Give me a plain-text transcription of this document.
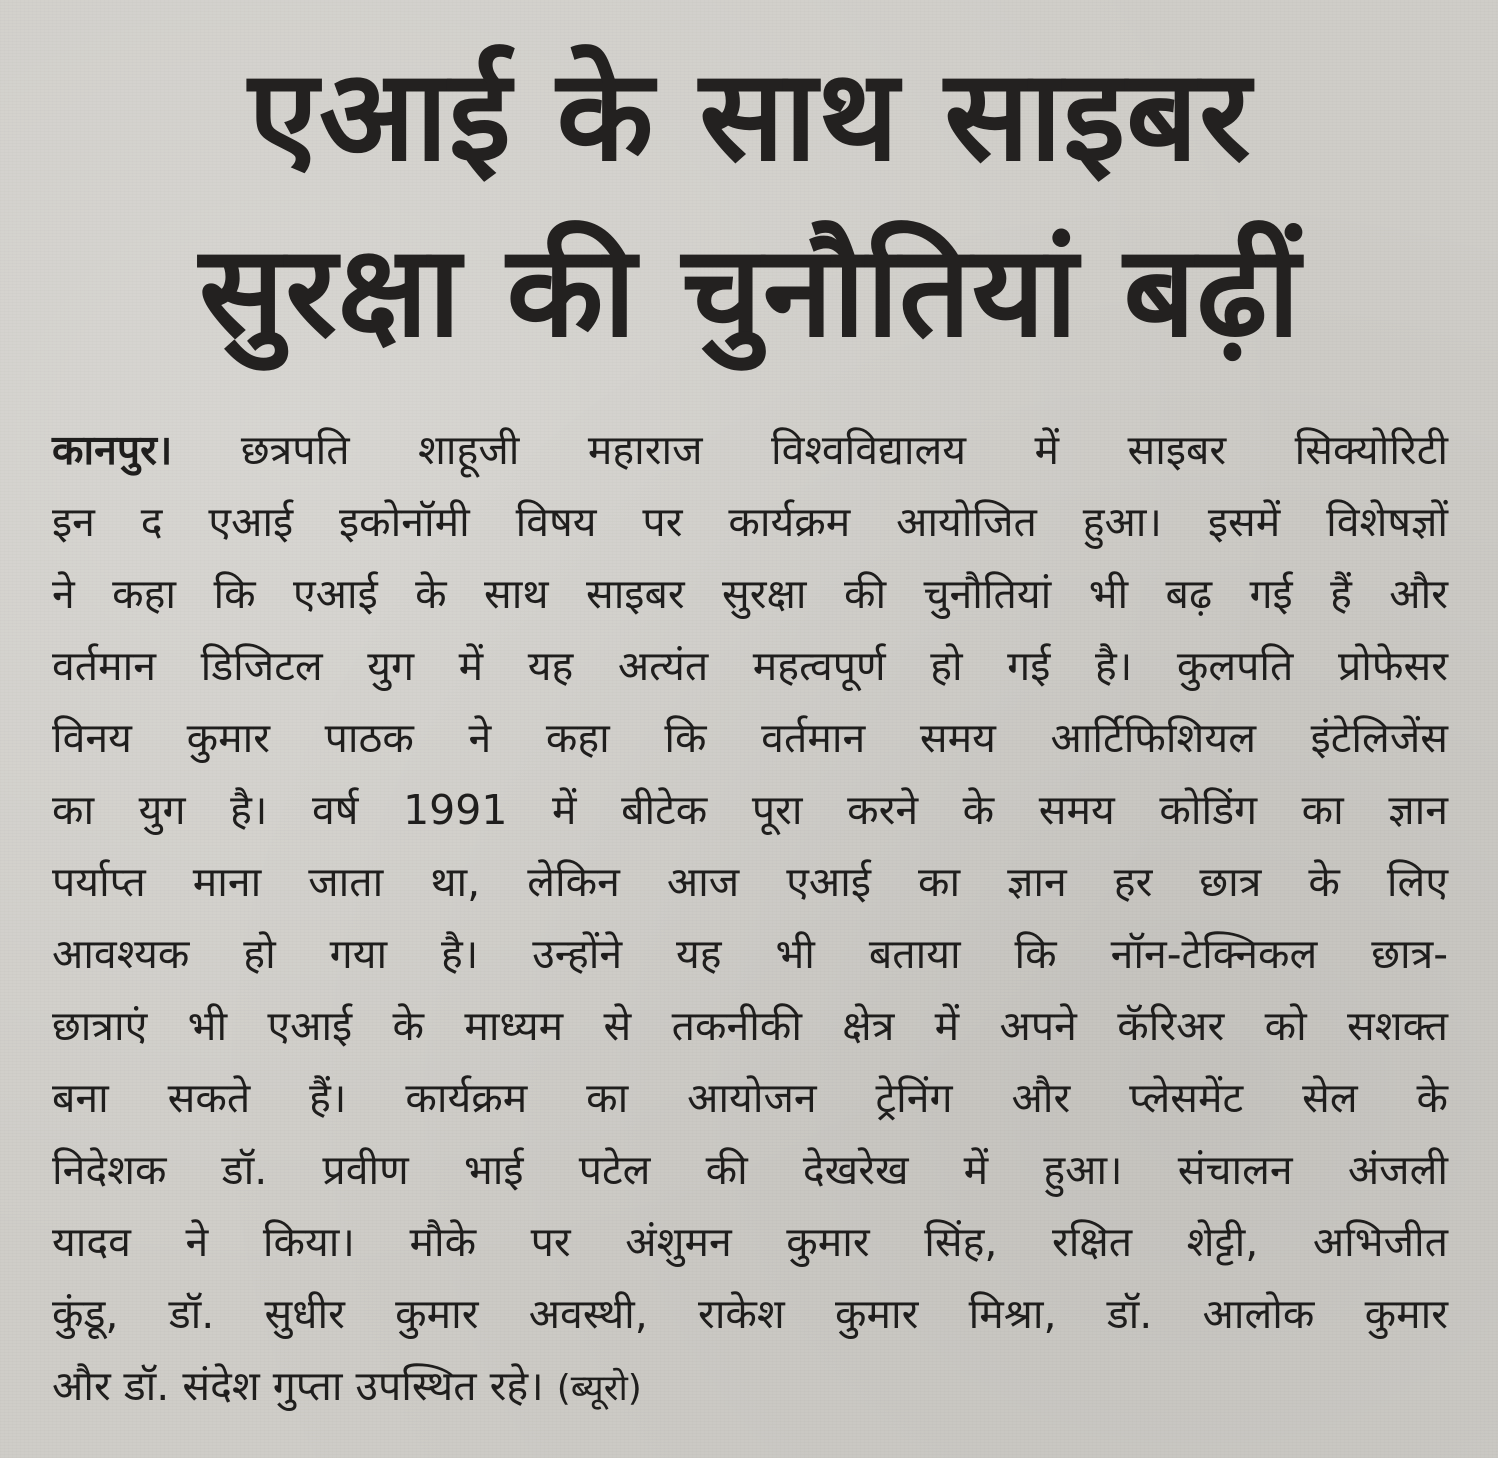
एआई के साथ साइबर
सुरक्षा की चुनौतियां बढ़ीं
कानपुर। छत्रपति शाहूजी महाराज विश्वविद्यालय में साइबर सिक्योरिटी
इन द एआई इकोनॉमी विषय पर कार्यक्रम आयोजित हुआ। इसमें विशेषज्ञों
ने कहा कि एआई के साथ साइबर सुरक्षा की चुनौतियां भी बढ़ गई हैं और
वर्तमान डिजिटल युग में यह अत्यंत महत्वपूर्ण हो गई है। कुलपति प्रोफेसर
विनय कुमार पाठक ने कहा कि वर्तमान समय आर्टिफिशियल इंटेलिजेंस
का युग है। वर्ष 1991 में बीटेक पूरा करने के समय कोडिंग का ज्ञान
पर्याप्त माना जाता था, लेकिन आज एआई का ज्ञान हर छात्र के लिए
आवश्यक हो गया है। उन्होंने यह भी बताया कि नॉन-टेक्निकल छात्र-
छात्राएं भी एआई के माध्यम से तकनीकी क्षेत्र में अपने कॅरिअर को सशक्त
बना सकते हैं। कार्यक्रम का आयोजन ट्रेनिंग और प्लेसमेंट सेल के
निदेशक डॉ. प्रवीण भाई पटेल की देखरेख में हुआ। संचालन अंजली
यादव ने किया। मौके पर अंशुमन कुमार सिंह, रक्षित शेट्टी, अभिजीत
कुंडू, डॉ. सुधीर कुमार अवस्थी, राकेश कुमार मिश्रा, डॉ. आलोक कुमार
और डॉ. संदेश गुप्ता उपस्थित रहे। (ब्यूरो)
